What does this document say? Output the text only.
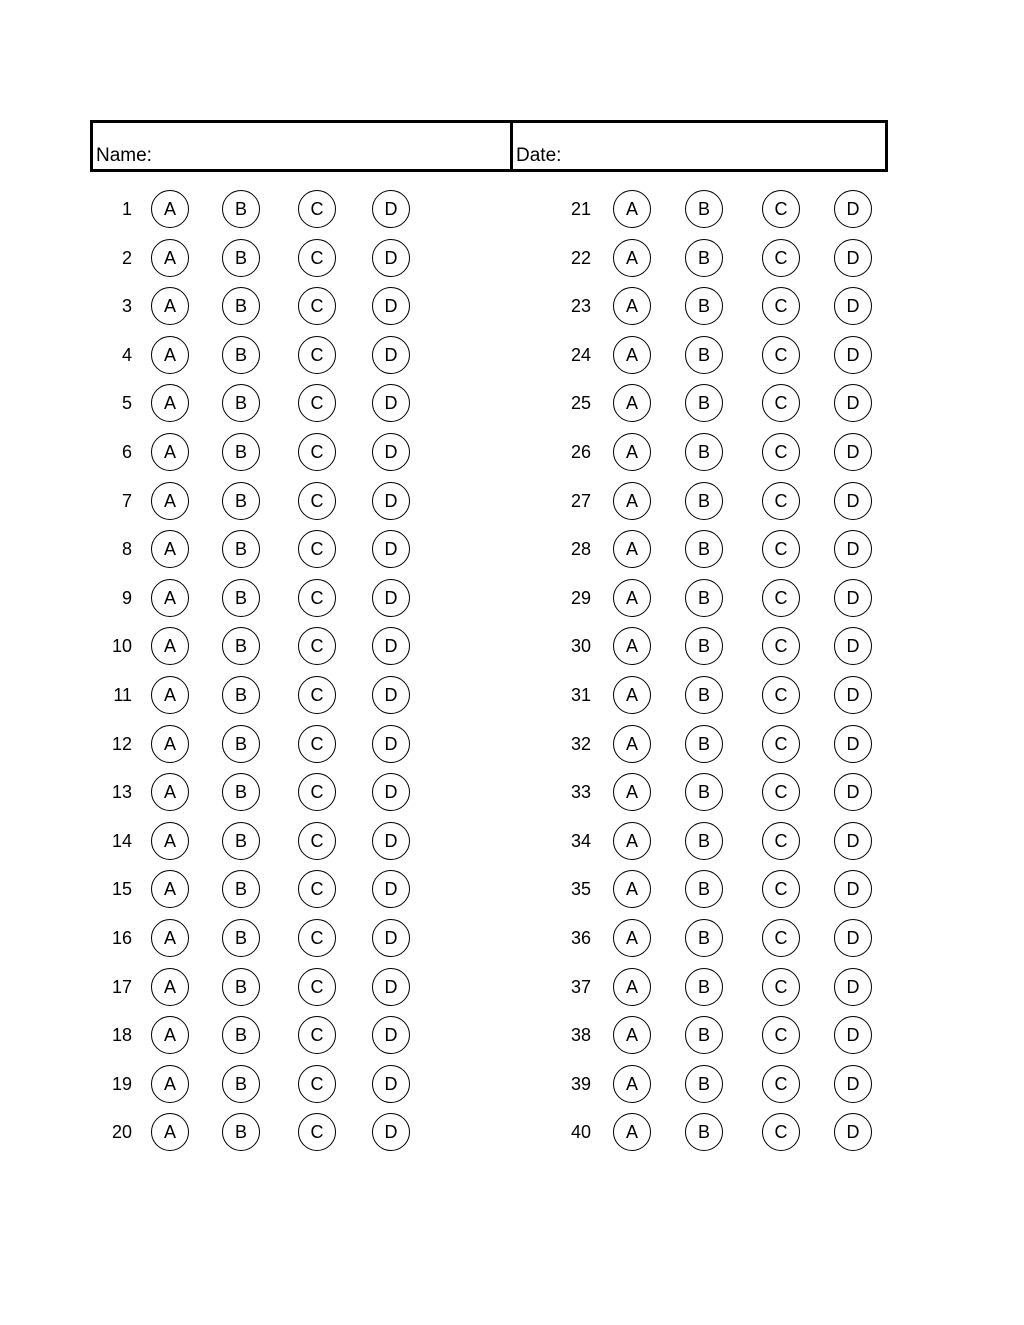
Name:	Date:
1	A	B	C	D
2	A	B	C	D
3	A	B	C	D
4	A	B	C	D
5	A	B	C	D
6	A	B	C	D
7	A	B	C	D
8	A	B	C	D
9	A	B	C	D
10	A	B	C	D
11	A	B	C	D
12	A	B	C	D
13	A	B	C	D
14	A	B	C	D
15	A	B	C	D
16	A	B	C	D
17	A	B	C	D
18	A	B	C	D
19	A	B	C	D
20	A	B	C	D
21	A	B	C	D
22	A	B	C	D
23	A	B	C	D
24	A	B	C	D
25	A	B	C	D
26	A	B	C	D
27	A	B	C	D
28	A	B	C	D
29	A	B	C	D
30	A	B	C	D
31	A	B	C	D
32	A	B	C	D
33	A	B	C	D
34	A	B	C	D
35	A	B	C	D
36	A	B	C	D
37	A	B	C	D
38	A	B	C	D
39	A	B	C	D
40	A	B	C	D
